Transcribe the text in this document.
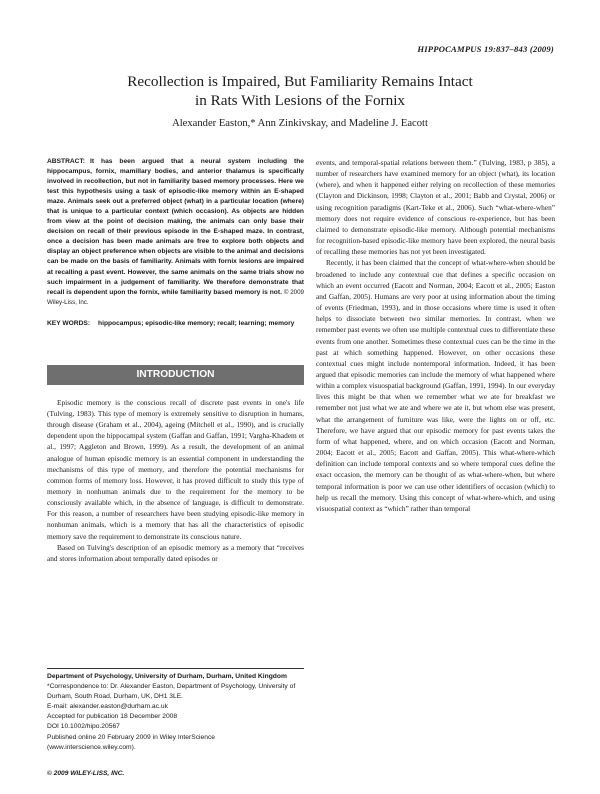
HIPPOCAMPUS 19:837–843 (2009)
Recollection is Impaired, But Familiarity Remains Intact
in Rats With Lesions of the Fornix
Alexander Easton,* Ann Zinkivskay, and Madeline J. Eacott
ABSTRACT: It has been argued that a neural system including the hippocampus, fornix, mamillary bodies, and anterior thalamus is specifically involved in recollection, but not in familiarity based memory processes. Here we test this hypothesis using a task of episodic-like memory within an E-shaped maze. Animals seek out a preferred object (what) in a particular location (where) that is unique to a particular context (which occasion). As objects are hidden from view at the point of decision making, the animals can only base their decision on recall of their previous episode in the E-shaped maze. In contrast, once a decision has been made animals are free to explore both objects and display an object preference when objects are visible to the animal and decisions can be made on the basis of familiarity. Animals with fornix lesions are impaired at recalling a past event. However, the same animals on the same trials show no such impairment in a judgement of familiarity. We therefore demonstrate that recall is dependent upon the fornix, while familiarity based memory is not. © 2009 Wiley-Liss, Inc.
KEY WORDS: hippocampus; episodic-like memory; recall; learning; memory
INTRODUCTION

Episodic memory is the conscious recall of discrete past events in one's life (Tulving, 1983). This type of memory is extremely sensitive to disruption in humans, through disease (Graham et al., 2004), ageing (Mitchell et al., 1990), and is crucially dependent upon the hippocampal system (Gaffan and Gaffan, 1991; Vargha-Khadem et al., 1997; Aggleton and Brown, 1999). As a result, the development of an animal analogue of human episodic memory is an essential component in understanding the mechanisms of this type of memory, and therefore the potential mechanisms for common forms of memory loss. However, it has proved difficult to study this type of memory in nonhuman animals due to the requirement for the memory to be consciously available which, in the absence of language, is difficult to demonstrate. For this reason, a number of researchers have been studying episodic-like memory in nonhuman animals, which is a memory that has all the characteristics of episodic memory save the requirement to demonstrate its conscious nature.

Based on Tulving's description of an episodic memory as a memory that “receives and stores information about temporally dated episodes or

events, and temporal-spatial relations between them.” (Tulving, 1983, p 385), a number of researchers have examined memory for an object (what), its location (where), and when it happened either relying on recollection of these memories (Clayton and Dickinson, 1998; Clayton et al., 2001; Babb and Crystal, 2006) or using recognition paradigms (Kart-Teke et al., 2006). Such “what-where-when” memory does not require evidence of conscious re-experience, but has been claimed to demonstrate episodic-like memory. Although potential mechanisms for recognition-based episodic-like memory have been explored, the neural basis of recalling these memories has not yet been investigated.

Recently, it has been claimed that the concept of what-where-when should be broadened to include any contextual cue that defines a specific occasion on which an event occurred (Eacott and Norman, 2004; Eacott et al., 2005; Easton and Gaffan, 2005). Humans are very poor at using information about the timing of events (Friedman, 1993), and in those occasions where time is used it often helps to dissociate between two similar memories. In contrast, when we remember past events we often use multiple contextual cues to differentiate these events from one another. Sometimes these contextual cues can be the time in the past at which something happened. However, on other occasions these contextual cues might include nontemporal information. Indeed, it has been argued that episodic memories can include the memory of what happened where within a complex visuospatial background (Gaffan, 1991, 1994). In our everyday lives this might be that when we remember what we ate for breakfast we remember not just what we ate and where we ate it, but whom else was present, what the arrangement of furniture was like, were the lights on or off, etc. Therefore, we have argued that our episodic memory for past events takes the form of what happened, where, and on which occasion (Eacott and Norman, 2004; Eacott et al., 2005; Eacott and Gaffan, 2005). This what-where-which definition can include temporal contexts and so where temporal cues define the exact occasion, the memory can be thought of as what-where-when, but where temporal information is poor we can use other identifiers of occasion (which) to help us recall the memory. Using this concept of what-where-which, and using visuospatial context as “which” rather than temporal

Department of Psychology, University of Durham, Durham, United Kingdom
*Correspondence to: Dr. Alexander Easton, Department of Psychology, University of Durham, South Road, Durham, UK, DH1 3LE.
E-mail: alexander.easton@durham.ac.uk
Accepted for publication 18 December 2008
DOI 10.1002/hipo.20567
Published online 20 February 2009 in Wiley InterScience (www.interscience.wiley.com).
© 2009 WILEY-LISS, INC.
